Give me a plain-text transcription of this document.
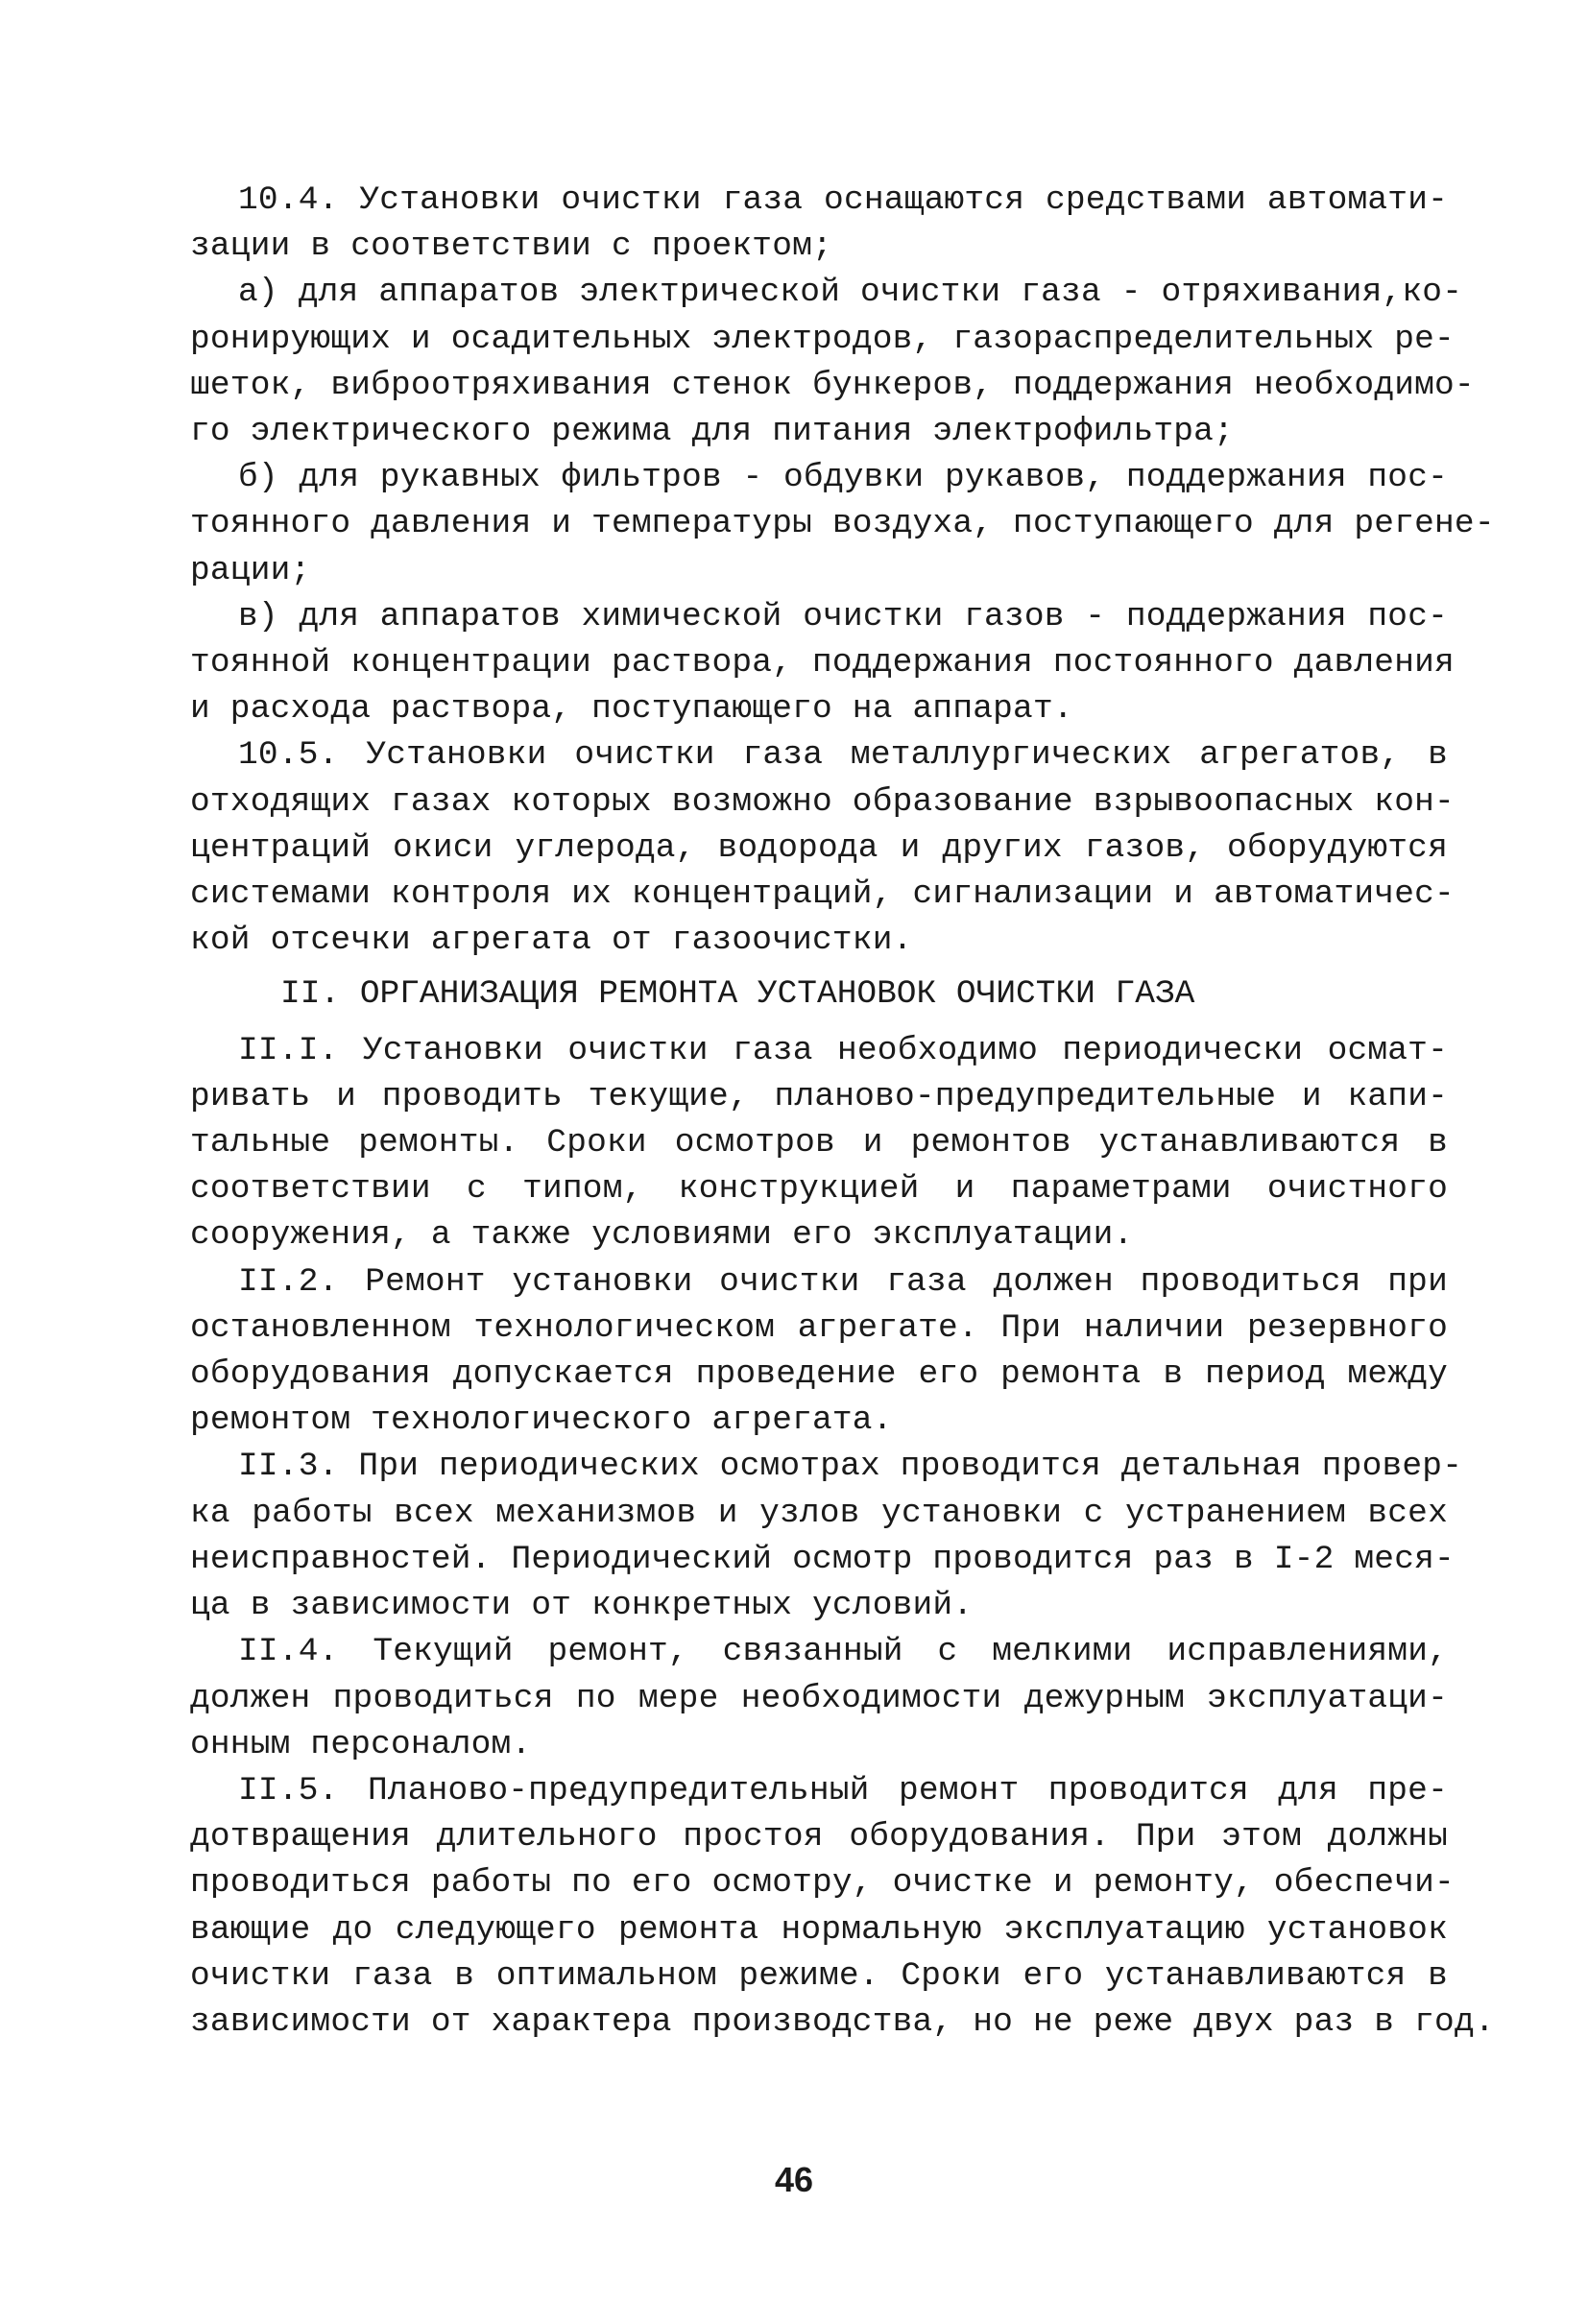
10.4. Установки очистки газа оснащаются средствами автомати-
зации в соответствии с проектом;
а) для аппаратов электрической очистки газа - отряхивания,ко-
ронирующих и осадительных электродов, газораспределительных ре-
шеток, виброотряхивания стенок бункеров, поддержания необходимо-
го электрического режима для питания электрофильтра;
б) для рукавных фильтров - обдувки рукавов, поддержания пос-
тоянного давления и температуры воздуха, поступающего для регене-
рации;
в) для аппаратов химической очистки газов - поддержания пос-
тоянной концентрации раствора, поддержания постоянного давления
и расхода раствора, поступающего на аппарат.
10.5. Установки очистки газа металлургических агрегатов, в
отходящих газах которых возможно образование взрывоопасных кон-
центраций окиси углерода, водорода и других газов, оборудуются
системами контроля их концентраций, сигнализации и автоматичес-
кой отсечки агрегата от газоочистки.
II. ОРГАНИЗАЦИЯ РЕМОНТА УСТАНОВОК ОЧИСТКИ ГАЗА
II.I. Установки очистки газа необходимо периодически осмат-
ривать и проводить текущие, планово-предупредительные и капи-
тальные ремонты. Сроки осмотров и ремонтов устанавливаются в
соответствии с типом, конструкцией и параметрами очистного
сооружения, а также условиями его эксплуатации.
II.2. Ремонт установки очистки газа должен проводиться при
остановленном технологическом агрегате. При наличии резервного
оборудования допускается проведение его ремонта в период между
ремонтом технологического агрегата.
II.3. При периодических осмотрах проводится детальная провер-
ка работы всех механизмов и узлов установки с устранением всех
неисправностей. Периодический осмотр проводится раз в I-2 меся-
ца в зависимости от конкретных условий.
II.4. Текущий ремонт, связанный с мелкими исправлениями,
должен проводиться по мере необходимости дежурным эксплуатаци-
онным персоналом.
II.5. Планово-предупредительный ремонт проводится для пре-
дотвращения длительного простоя оборудования. При этом должны
проводиться работы по его осмотру, очистке и ремонту, обеспечи-
вающие до следующего ремонта нормальную эксплуатацию установок
очистки газа в оптимальном режиме. Сроки его устанавливаются в
зависимости от характера производства, но не реже двух раз в год.
46
